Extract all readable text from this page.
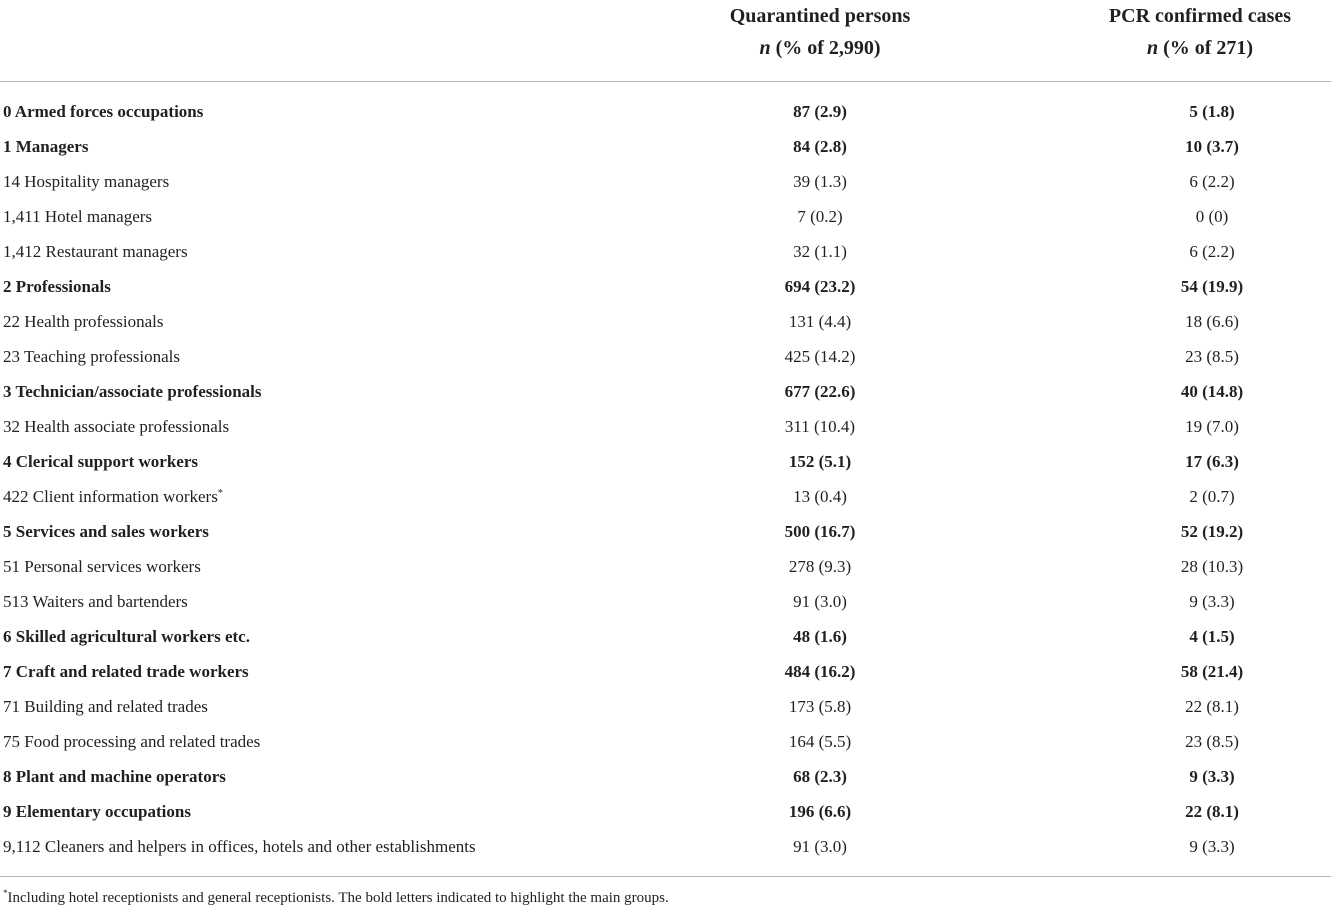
Quarantined persons
n (% of 2,990)
PCR confirmed cases
n (% of 271)
0 Armed forces occupations	87 (2.9)	5 (1.8)
1 Managers	84 (2.8)	10 (3.7)
14 Hospitality managers	39 (1.3)	6 (2.2)
1,411 Hotel managers	7 (0.2)	0 (0)
1,412 Restaurant managers	32 (1.1)	6 (2.2)
2 Professionals	694 (23.2)	54 (19.9)
22 Health professionals	131 (4.4)	18 (6.6)
23 Teaching professionals	425 (14.2)	23 (8.5)
3 Technician/associate professionals	677 (22.6)	40 (14.8)
32 Health associate professionals	311 (10.4)	19 (7.0)
4 Clerical support workers	152 (5.1)	17 (6.3)
422 Client information workers*	13 (0.4)	2 (0.7)
5 Services and sales workers	500 (16.7)	52 (19.2)
51 Personal services workers	278 (9.3)	28 (10.3)
513 Waiters and bartenders	91 (3.0)	9 (3.3)
6 Skilled agricultural workers etc.	48 (1.6)	4 (1.5)
7 Craft and related trade workers	484 (16.2)	58 (21.4)
71 Building and related trades	173 (5.8)	22 (8.1)
75 Food processing and related trades	164 (5.5)	23 (8.5)
8 Plant and machine operators	68 (2.3)	9 (3.3)
9 Elementary occupations	196 (6.6)	22 (8.1)
9,112 Cleaners and helpers in offices, hotels and other establishments	91 (3.0)	9 (3.3)
*Including hotel receptionists and general receptionists. The bold letters indicated to highlight the main groups.
